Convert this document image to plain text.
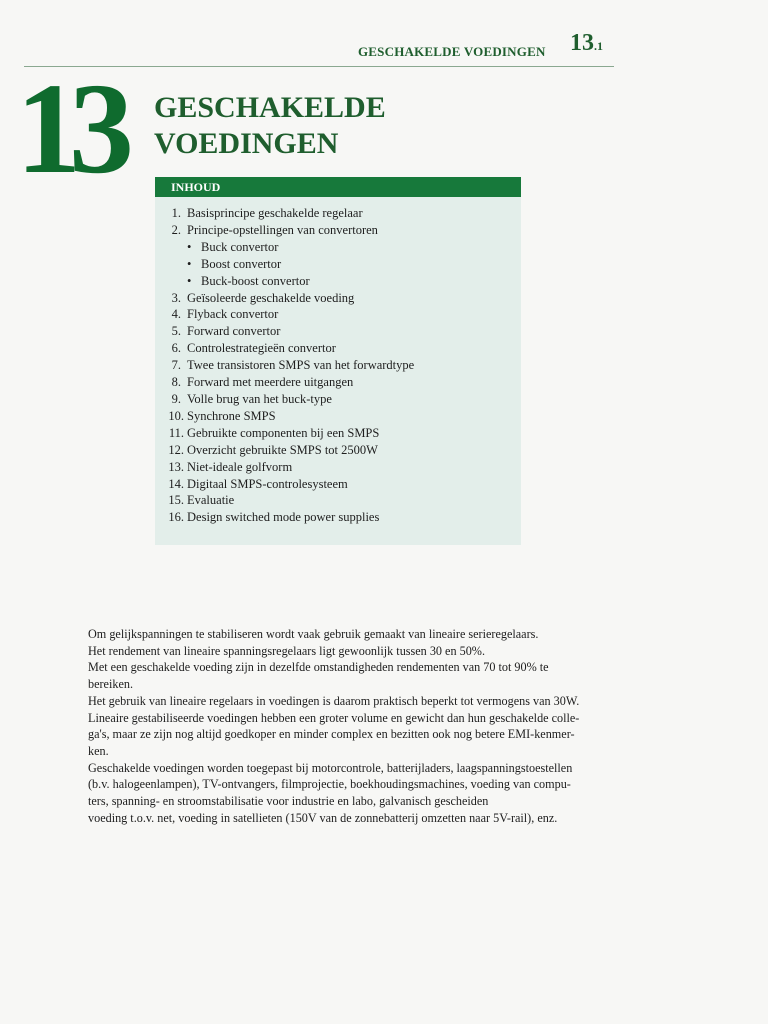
GESCHAKELDE VOEDINGEN 13.1
13 GESCHAKELDE
VOEDINGEN
INHOUD
1. Basisprincipe geschakelde regelaar
2. Principe-opstellingen van convertoren
• Buck convertor
• Boost convertor
• Buck-boost convertor
3. Geïsoleerde geschakelde voeding
4. Flyback convertor
5. Forward convertor
6. Controlestrategieën convertor
7. Twee transistoren SMPS van het forwardtype
8. Forward met meerdere uitgangen
9. Volle brug van het buck-type
10. Synchrone SMPS
11. Gebruikte componenten bij een SMPS
12. Overzicht gebruikte SMPS tot 2500W
13. Niet-ideale golfvorm
14. Digitaal SMPS-controlesysteem
15. Evaluatie
16. Design switched mode power supplies

Om gelijkspanningen te stabiliseren wordt vaak gebruik gemaakt van lineaire serieregelaars.

Het rendement van lineaire spanningsregelaars ligt gewoonlijk tussen 30 en 50%.

Met een geschakelde voeding zijn in dezelfde omstandigheden rendementen van 70 tot 90% te

bereiken.

Het gebruik van lineaire regelaars in voedingen is daarom praktisch beperkt tot vermogens van 30W.

Lineaire gestabiliseerde voedingen hebben een groter volume en gewicht dan hun geschakelde colle-

ga's, maar ze zijn nog altijd goedkoper en minder complex en bezitten ook nog betere EMI-kenmer-

ken.

Geschakelde voedingen worden toegepast bij motorcontrole, batterijladers, laagspanningstoestellen

(b.v. halogeenlampen), TV-ontvangers, filmprojectie, boekhoudingsmachines, voeding van compu-

ters, spanning- en stroomstabilisatie voor industrie en labo, galvanisch gescheiden

voeding t.o.v. net, voeding in satellieten (150V van de zonnebatterij omzetten naar 5V-rail), enz.
